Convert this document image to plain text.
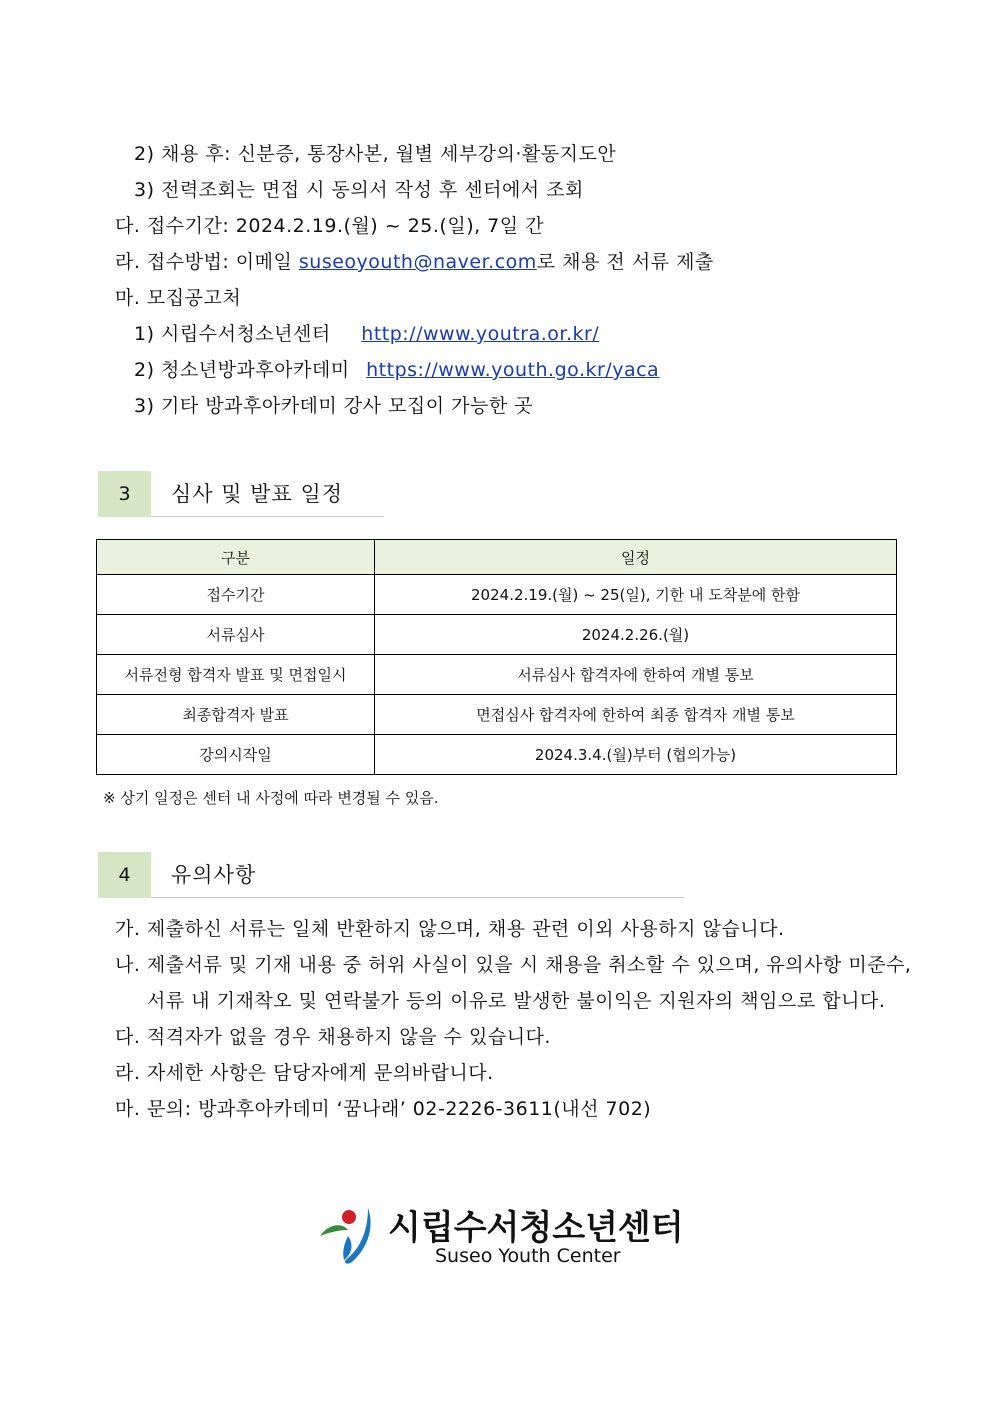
2) 채용 후: 신분증, 통장사본, 월별 세부강의·활동지도안
3) 전력조회는 면접 시 동의서 작성 후 센터에서 조회
다. 접수기간: 2024.2.19.(월) ~ 25.(일), 7일 간
라. 접수방법: 이메일 suseoyouth@naver.com로 채용 전 서류 제출
마. 모집공고처
1) 시립수서청소년센터 http://www.youtra.or.kr/
2) 청소년방과후아카데미 https://www.youth.go.kr/yaca
3) 기타 방과후아카데미 강사 모집이 가능한 곳
3	심사 및 발표 일정
구분	일정
접수기간	2024.2.19.(월) ~ 25(일), 기한 내 도착분에 한함
서류심사	2024.2.26.(월)
서류전형 합격자 발표 및 면접일시	서류심사 합격자에 한하여 개별 통보
최종합격자 발표	면접심사 합격자에 한하여 최종 합격자 개별 통보
강의시작일	2024.3.4.(월)부터 (협의가능)
※ 상기 일정은 센터 내 사정에 따라 변경될 수 있음.
4	유의사항
가. 제출하신 서류는 일체 반환하지 않으며, 채용 관련 이외 사용하지 않습니다.
나. 제출서류 및 기재 내용 중 허위 사실이 있을 시 채용을 취소할 수 있으며, 유의사항 미준수,
서류 내 기재착오 및 연락불가 등의 이유로 발생한 불이익은 지원자의 책임으로 합니다.
다. 적격자가 없을 경우 채용하지 않을 수 있습니다.
라. 자세한 사항은 담당자에게 문의바랍니다.
마. 문의: 방과후아카데미 ‘꿈나래’ 02-2226-3611(내선 702)
시립수서청소년센터
Suseo Youth Center
